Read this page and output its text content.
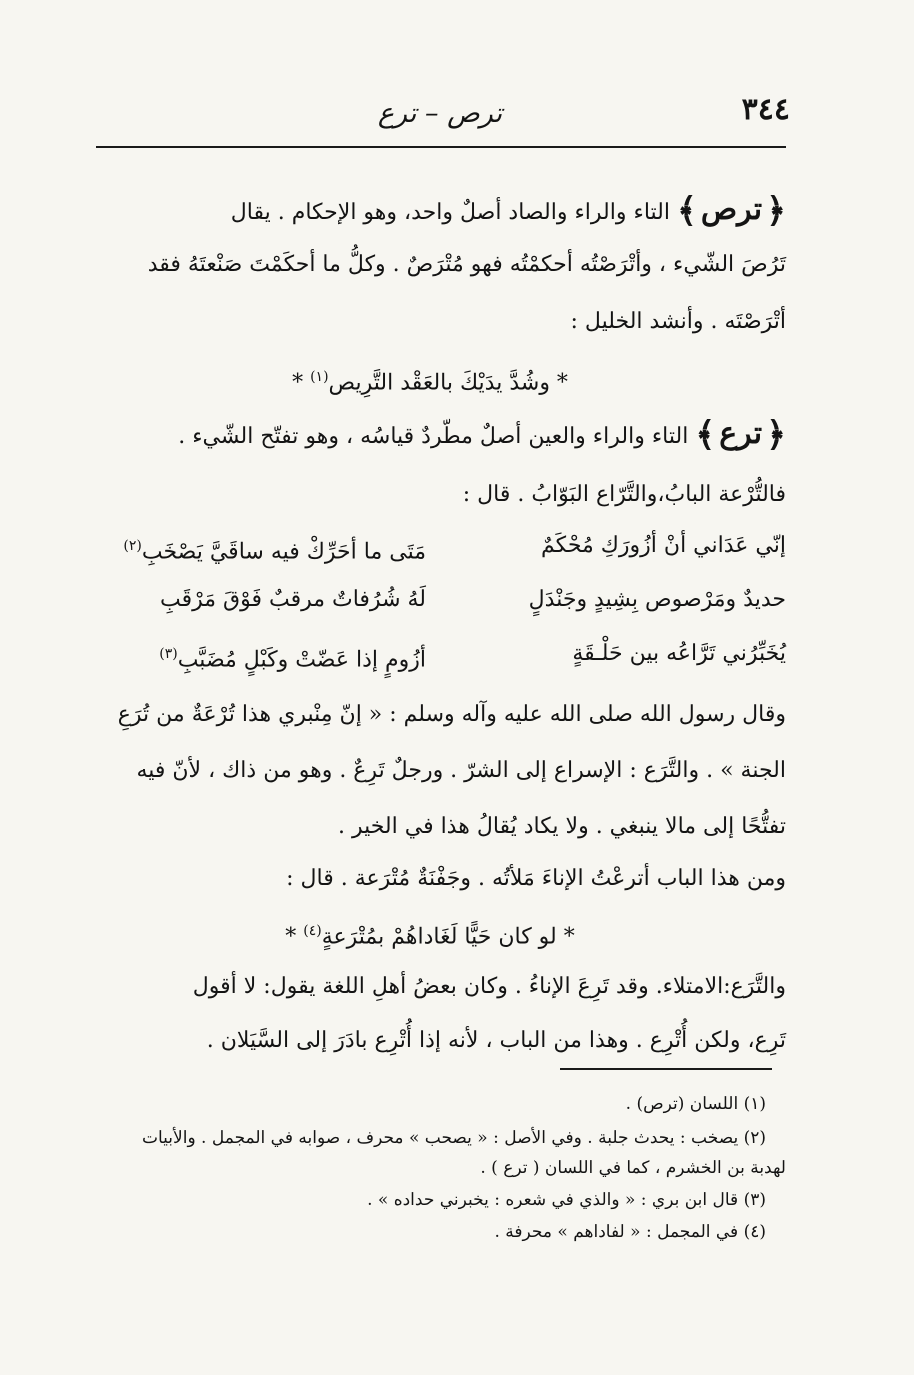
٣٤٤
ترص – ترع
﴿ترص﴾ التاء والراء والصاد أصلٌ واحد، وهو الإحكام . يقال
تَرُصَ الشّيء ، وأتْرَصْتُه أحكمْتُه فهو مُتْرَصٌ . وكلُّ ما أحكَمْتَ صَنْعتَهُ فقد
أتْرَصْتَه . وأنشد الخليل :
* وشُدَّ يدَيْكَ بالعَقْد التَّرِيص$^{(١)}$ *
﴿ترع﴾ التاء والراء والعين أصلٌ مطّردٌ قياسُه ، وهو تفتّح الشّيء .
فالتُّرْعة البابُ،والتَّرّاع البَوّابُ . قال :
إنّي عَدَاني أنْ أزُورَكِ مُحْكَمٌ
مَتَى ما أحَرِّكْ فيه ساقَيَّ يَصْخَبِ$^{(٢)}$
حديدٌ ومَرْصوص بِشِيدٍ وجَنْدَلٍ
لَهُ شُرُفاتٌ مرقبٌ فَوْقَ مَرْقَبِ
يُخَبِّرُني تَرَّاعُه بين حَلْـقَةٍ
أزُومٍ إذا عَضّتْ وكَبْلٍ مُضَبَّبِ$^{(٣)}$
وقال رسول الله صلى الله عليه وآله وسلم : « إنّ مِنْبري هذا تُرْعَةٌ من تُرَعِ
الجنة » . والتَّرَع : الإسراع إلى الشرّ . ورجلٌ تَرِعٌ . وهو من ذاك ، لأنّ فيه
تفتُّحًا إلى مالا ينبغي . ولا يكاد يُقالُ هذا في الخير .
ومن هذا الباب أترعْتُ الإناءَ مَلأتُه . وجَفْنَةٌ مُتْرَعة . قال :
* لو كان حَيًّا لَغَاداهُمْ بمُتْرَعةٍ$^{(٤)}$ *
والتَّرَع:الامتلاء. وقد تَرِعَ الإناءُ . وكان بعضُ أهلِ اللغة يقول: لا أقول
تَرِع، ولكن أُتْرِع . وهذا من الباب ، لأنه إذا أُتْرِع بادَرَ إلى السَّيَلان .
(١) اللسان (ترص) .
(٢) يصخب : يحدث جلبة . وفي الأصل : « يصحب » محرف ، صوابه في المجمل . والأبيات
لهدبة بن الخشرم ، كما في اللسان ( ترع ) .
(٣) قال ابن بري : « والذي في شعره : يخبرني حداده » .
(٤) في المجمل : « لفاداهم » محرفة .
